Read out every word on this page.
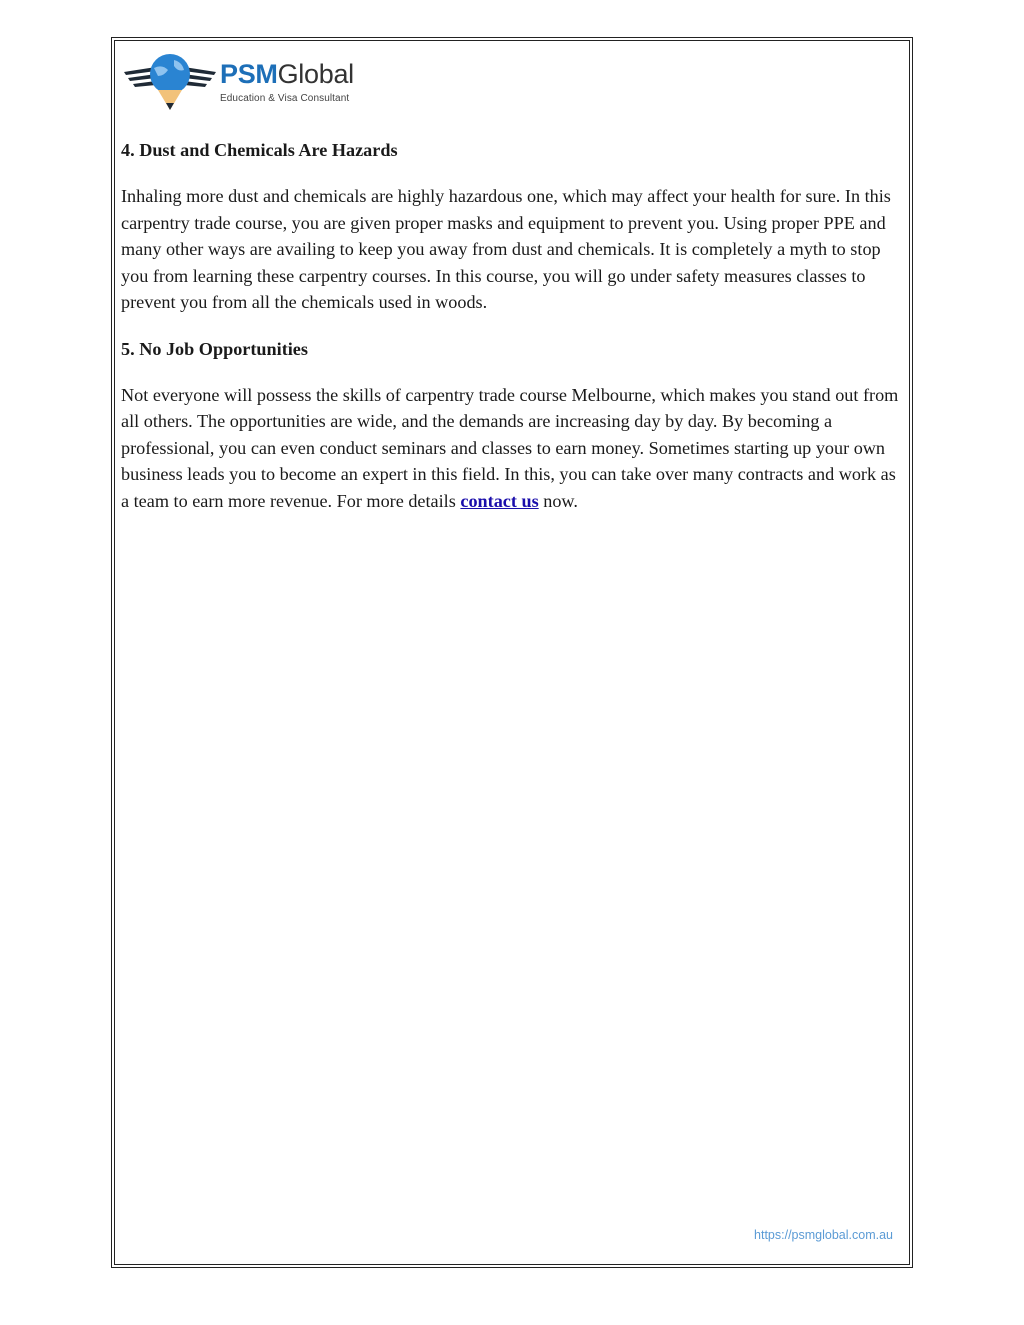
PSMGlobal
Education & Visa Consultant
4. Dust and Chemicals Are Hazards

Inhaling more dust and chemicals are highly hazardous one, which may affect your health for sure. In this carpentry trade course, you are given proper masks and equipment to prevent you. Using proper PPE and many other ways are availing to keep you away from dust and chemicals. It is completely a myth to stop you from learning these carpentry courses. In this course, you will go under safety measures classes to prevent you from all the chemicals used in woods.

5. No Job Opportunities

Not everyone will possess the skills of carpentry trade course Melbourne, which makes you stand out from all others. The opportunities are wide, and the demands are increasing day by day. By becoming a professional, you can even conduct seminars and classes to earn money. Sometimes starting up your own business leads you to become an expert in this field. In this, you can take over many contracts and work as a team to earn more revenue. For more details contact us now.

https://psmglobal.com.au
